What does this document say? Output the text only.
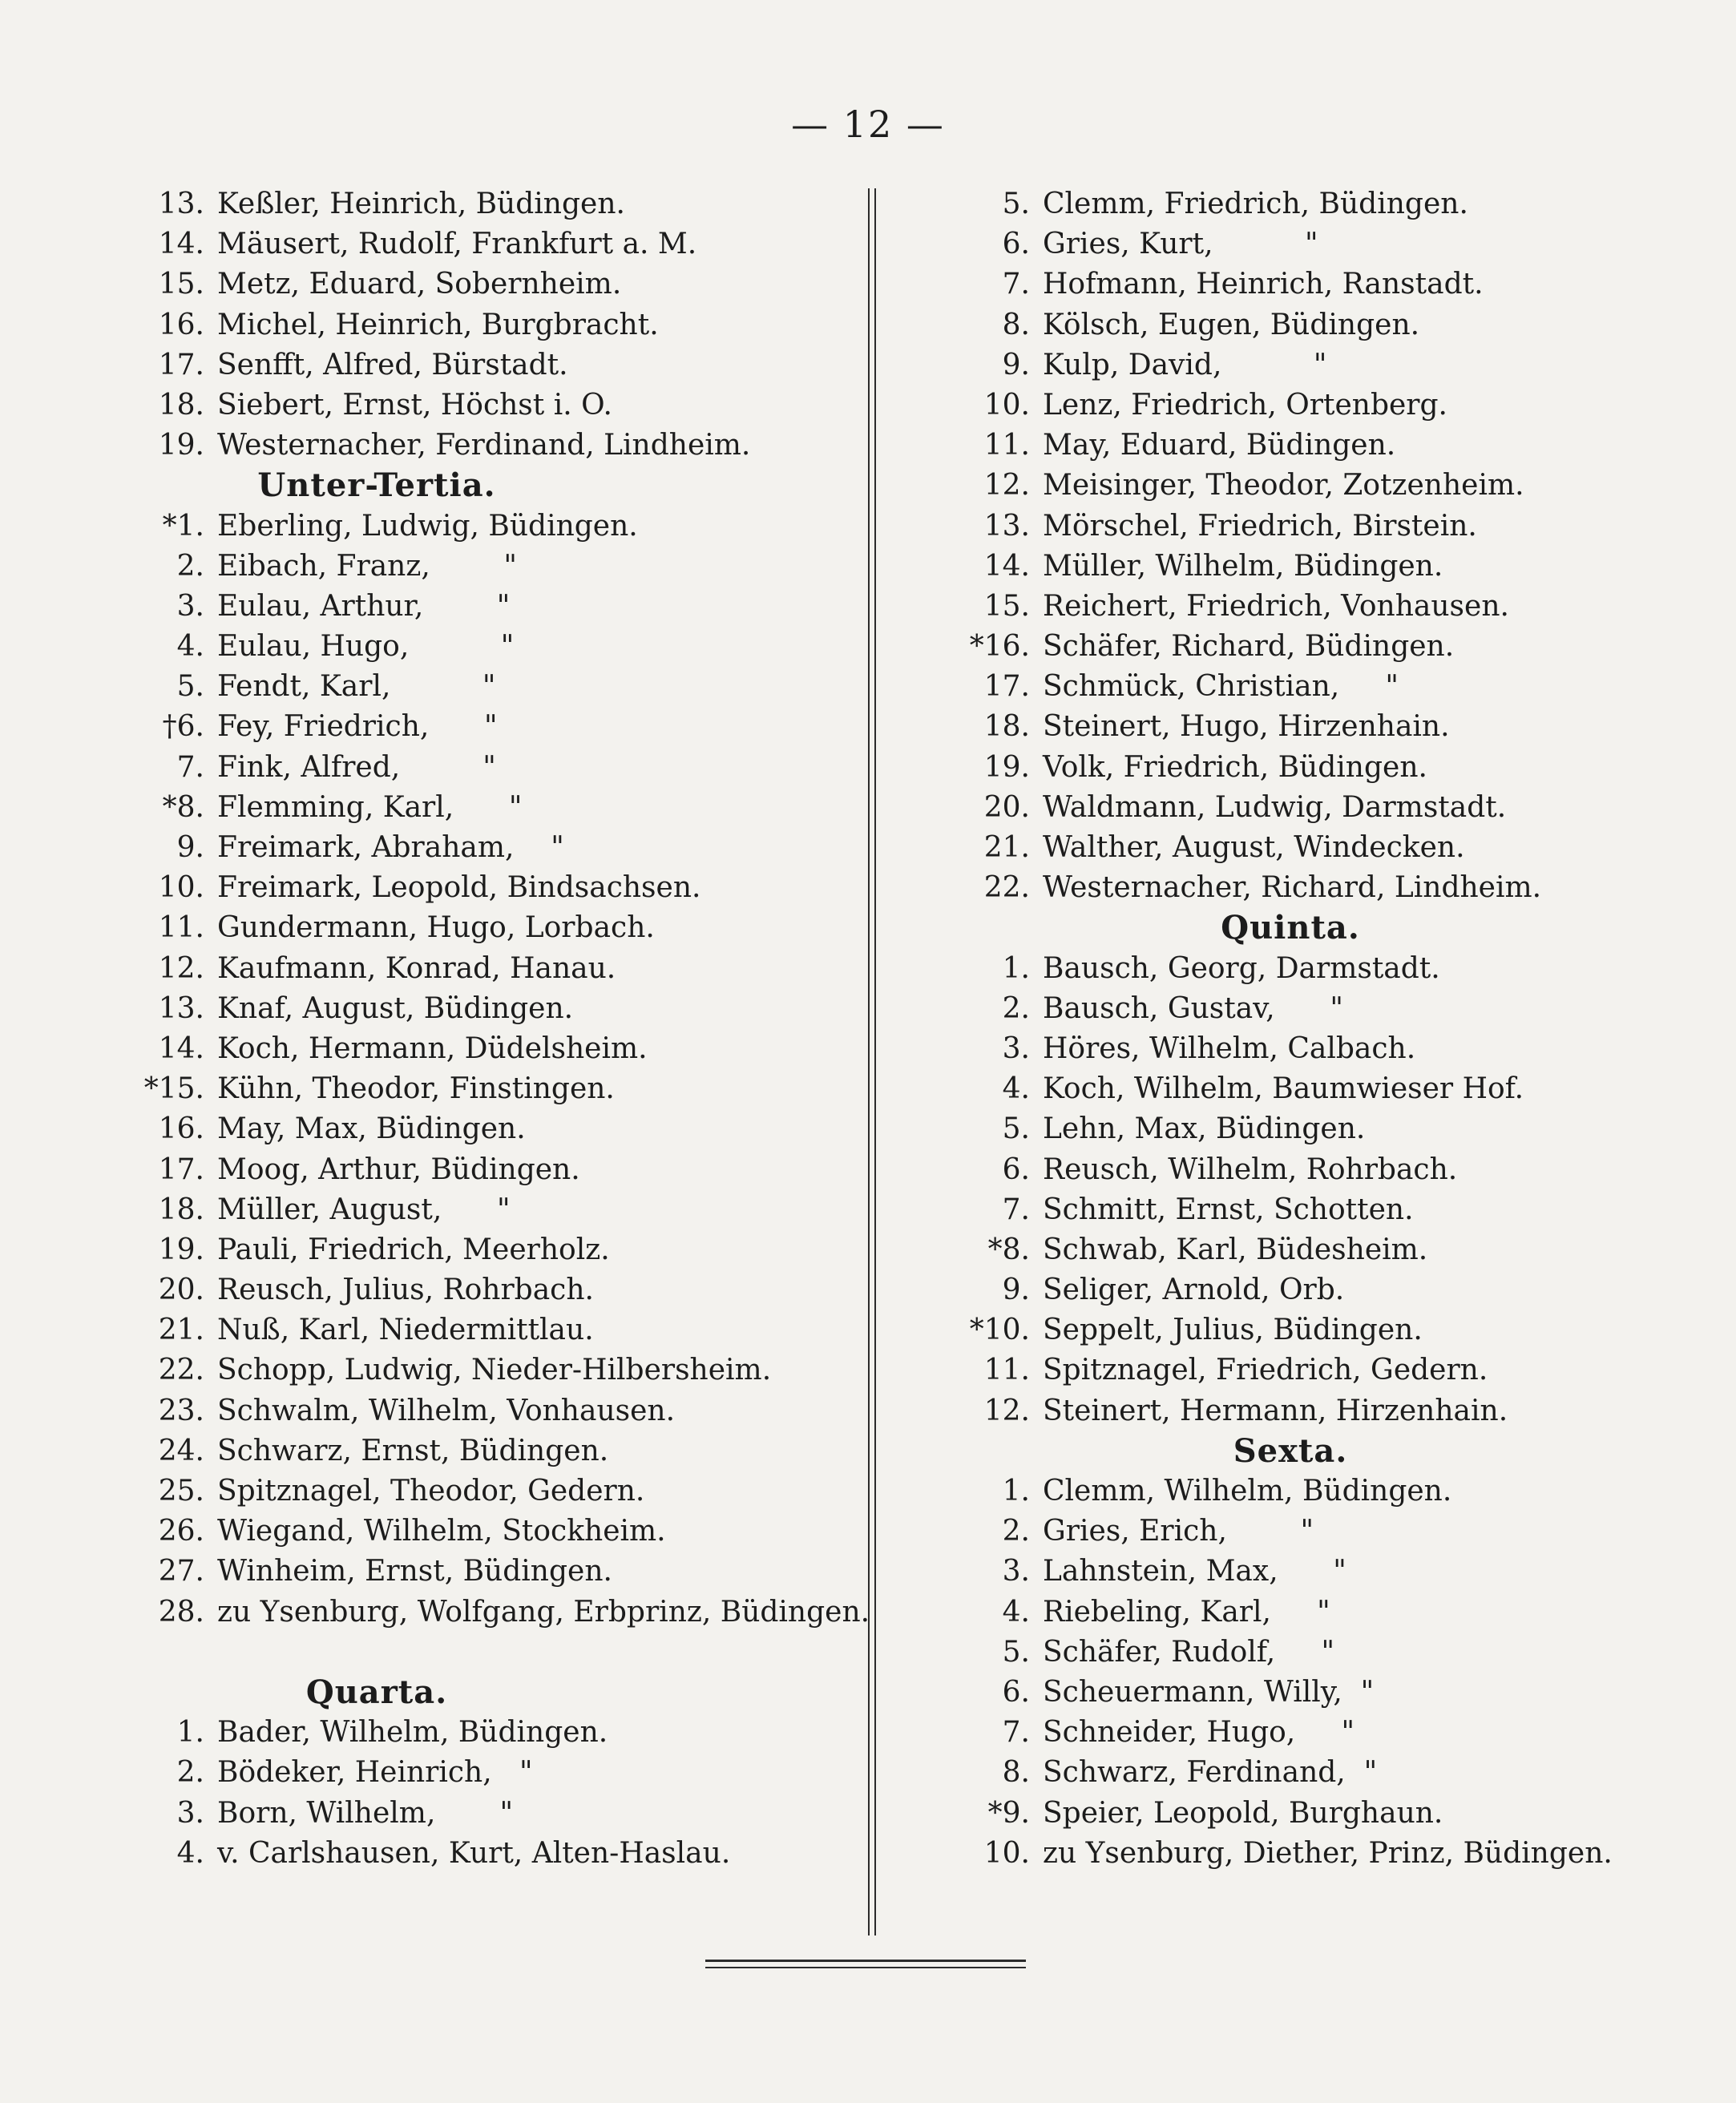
— 12 —
13. Keßler, Heinrich, Büdingen.
14. Mäusert, Rudolf, Frankfurt a. M.
15. Metz, Eduard, Sobernheim.
16. Michel, Heinrich, Burgbracht.
17. Senfft, Alfred, Bürstadt.
18. Siebert, Ernst, Höchst i. O.
19. Westernacher, Ferdinand, Lindheim.
Unter-Tertia.
*1. Eberling, Ludwig, Büdingen.
2. Eibach, Franz,        "
3. Eulau, Arthur,        "
4. Eulau, Hugo,          "
5. Fendt, Karl,          "
†6. Fey, Friedrich,      "
7. Fink, Alfred,         "
*8. Flemming, Karl,      "
9. Freimark, Abraham,    "
10. Freimark, Leopold, Bindsachsen.
11. Gundermann, Hugo, Lorbach.
12. Kaufmann, Konrad, Hanau.
13. Knaf, August, Büdingen.
14. Koch, Hermann, Düdelsheim.
*15. Kühn, Theodor, Finstingen.
16. May, Max, Büdingen.
17. Moog, Arthur, Büdingen.
18. Müller, August,      "
19. Pauli, Friedrich, Meerholz.
20. Reusch, Julius, Rohrbach.
21. Nuß, Karl, Niedermittlau.
22. Schopp, Ludwig, Nieder-Hilbersheim.
23. Schwalm, Wilhelm, Vonhausen.
24. Schwarz, Ernst, Büdingen.
25. Spitznagel, Theodor, Gedern.
26. Wiegand, Wilhelm, Stockheim.
27. Winheim, Ernst, Büdingen.
28. zu Ysenburg, Wolfgang, Erbprinz, Büdingen.
Quarta.
1. Bader, Wilhelm, Büdingen.
2. Bödeker, Heinrich,   "
3. Born, Wilhelm,       "
4. v. Carlshausen, Kurt, Alten-Haslau.
5. Clemm, Friedrich, Büdingen.
6. Gries, Kurt,          "
7. Hofmann, Heinrich, Ranstadt.
8. Kölsch, Eugen, Büdingen.
9. Kulp, David,          "
10. Lenz, Friedrich, Ortenberg.
11. May, Eduard, Büdingen.
12. Meisinger, Theodor, Zotzenheim.
13. Mörschel, Friedrich, Birstein.
14. Müller, Wilhelm, Büdingen.
15. Reichert, Friedrich, Vonhausen.
*16. Schäfer, Richard, Büdingen.
17. Schmück, Christian,     "
18. Steinert, Hugo, Hirzenhain.
19. Volk, Friedrich, Büdingen.
20. Waldmann, Ludwig, Darmstadt.
21. Walther, August, Windecken.
22. Westernacher, Richard, Lindheim.
Quinta.
1. Bausch, Georg, Darmstadt.
2. Bausch, Gustav,      "
3. Höres, Wilhelm, Calbach.
4. Koch, Wilhelm, Baumwieser Hof.
5. Lehn, Max, Büdingen.
6. Reusch, Wilhelm, Rohrbach.
7. Schmitt, Ernst, Schotten.
*8. Schwab, Karl, Büdesheim.
9. Seliger, Arnold, Orb.
*10. Seppelt, Julius, Büdingen.
11. Spitznagel, Friedrich, Gedern.
12. Steinert, Hermann, Hirzenhain.
Sexta.
1. Clemm, Wilhelm, Büdingen.
2. Gries, Erich,        "
3. Lahnstein, Max,      "
4. Riebeling, Karl,     "
5. Schäfer, Rudolf,     "
6. Scheuermann, Willy,  "
7. Schneider, Hugo,     "
8. Schwarz, Ferdinand,  "
*9. Speier, Leopold, Burghaun.
10. zu Ysenburg, Diether, Prinz, Büdingen.
